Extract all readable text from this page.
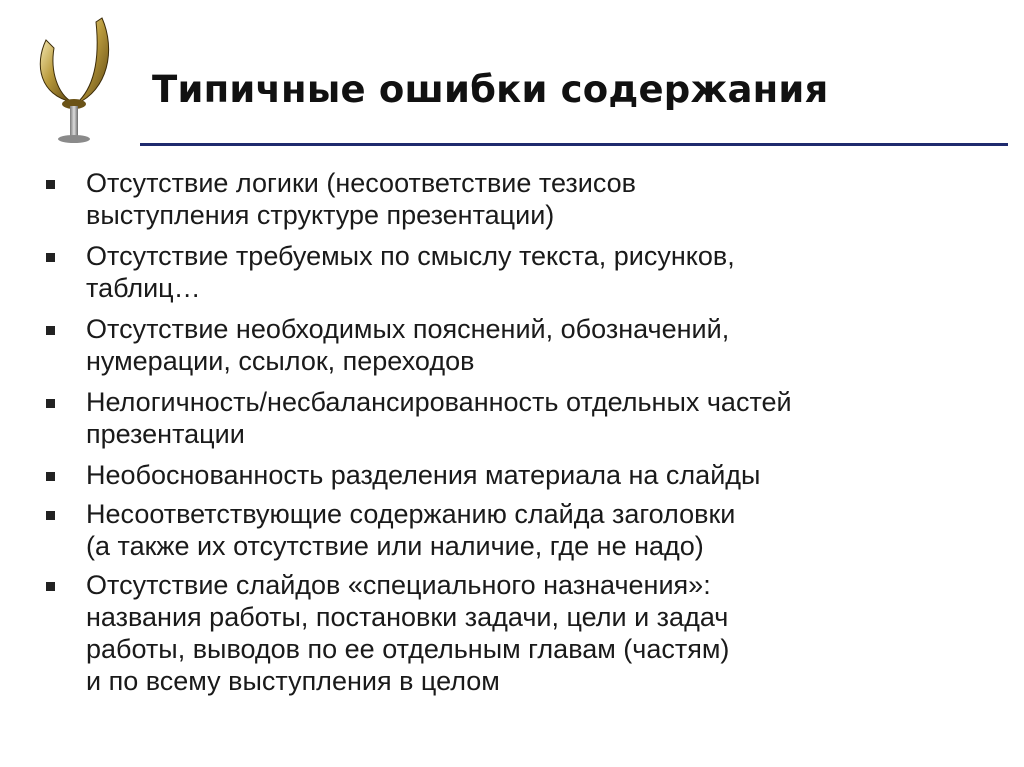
Типичные ошибки содержания
Отсутствие логики (несоответствие тезисов
выступления структуре презентации)
Отсутствие требуемых по смыслу текста, рисунков,
таблиц…
Отсутствие необходимых пояснений, обозначений,
нумерации, ссылок, переходов
Нелогичность/несбалансированность отдельных частей
презентации
Необоснованность разделения материала на слайды
Несоответствующие содержанию слайда заголовки
(а также их отсутствие или наличие, где не надо)
Отсутствие слайдов «специального назначения»:
названия работы, постановки задачи, цели и задач
работы, выводов по ее отдельным главам (частям)
и по всему выступления в целом
